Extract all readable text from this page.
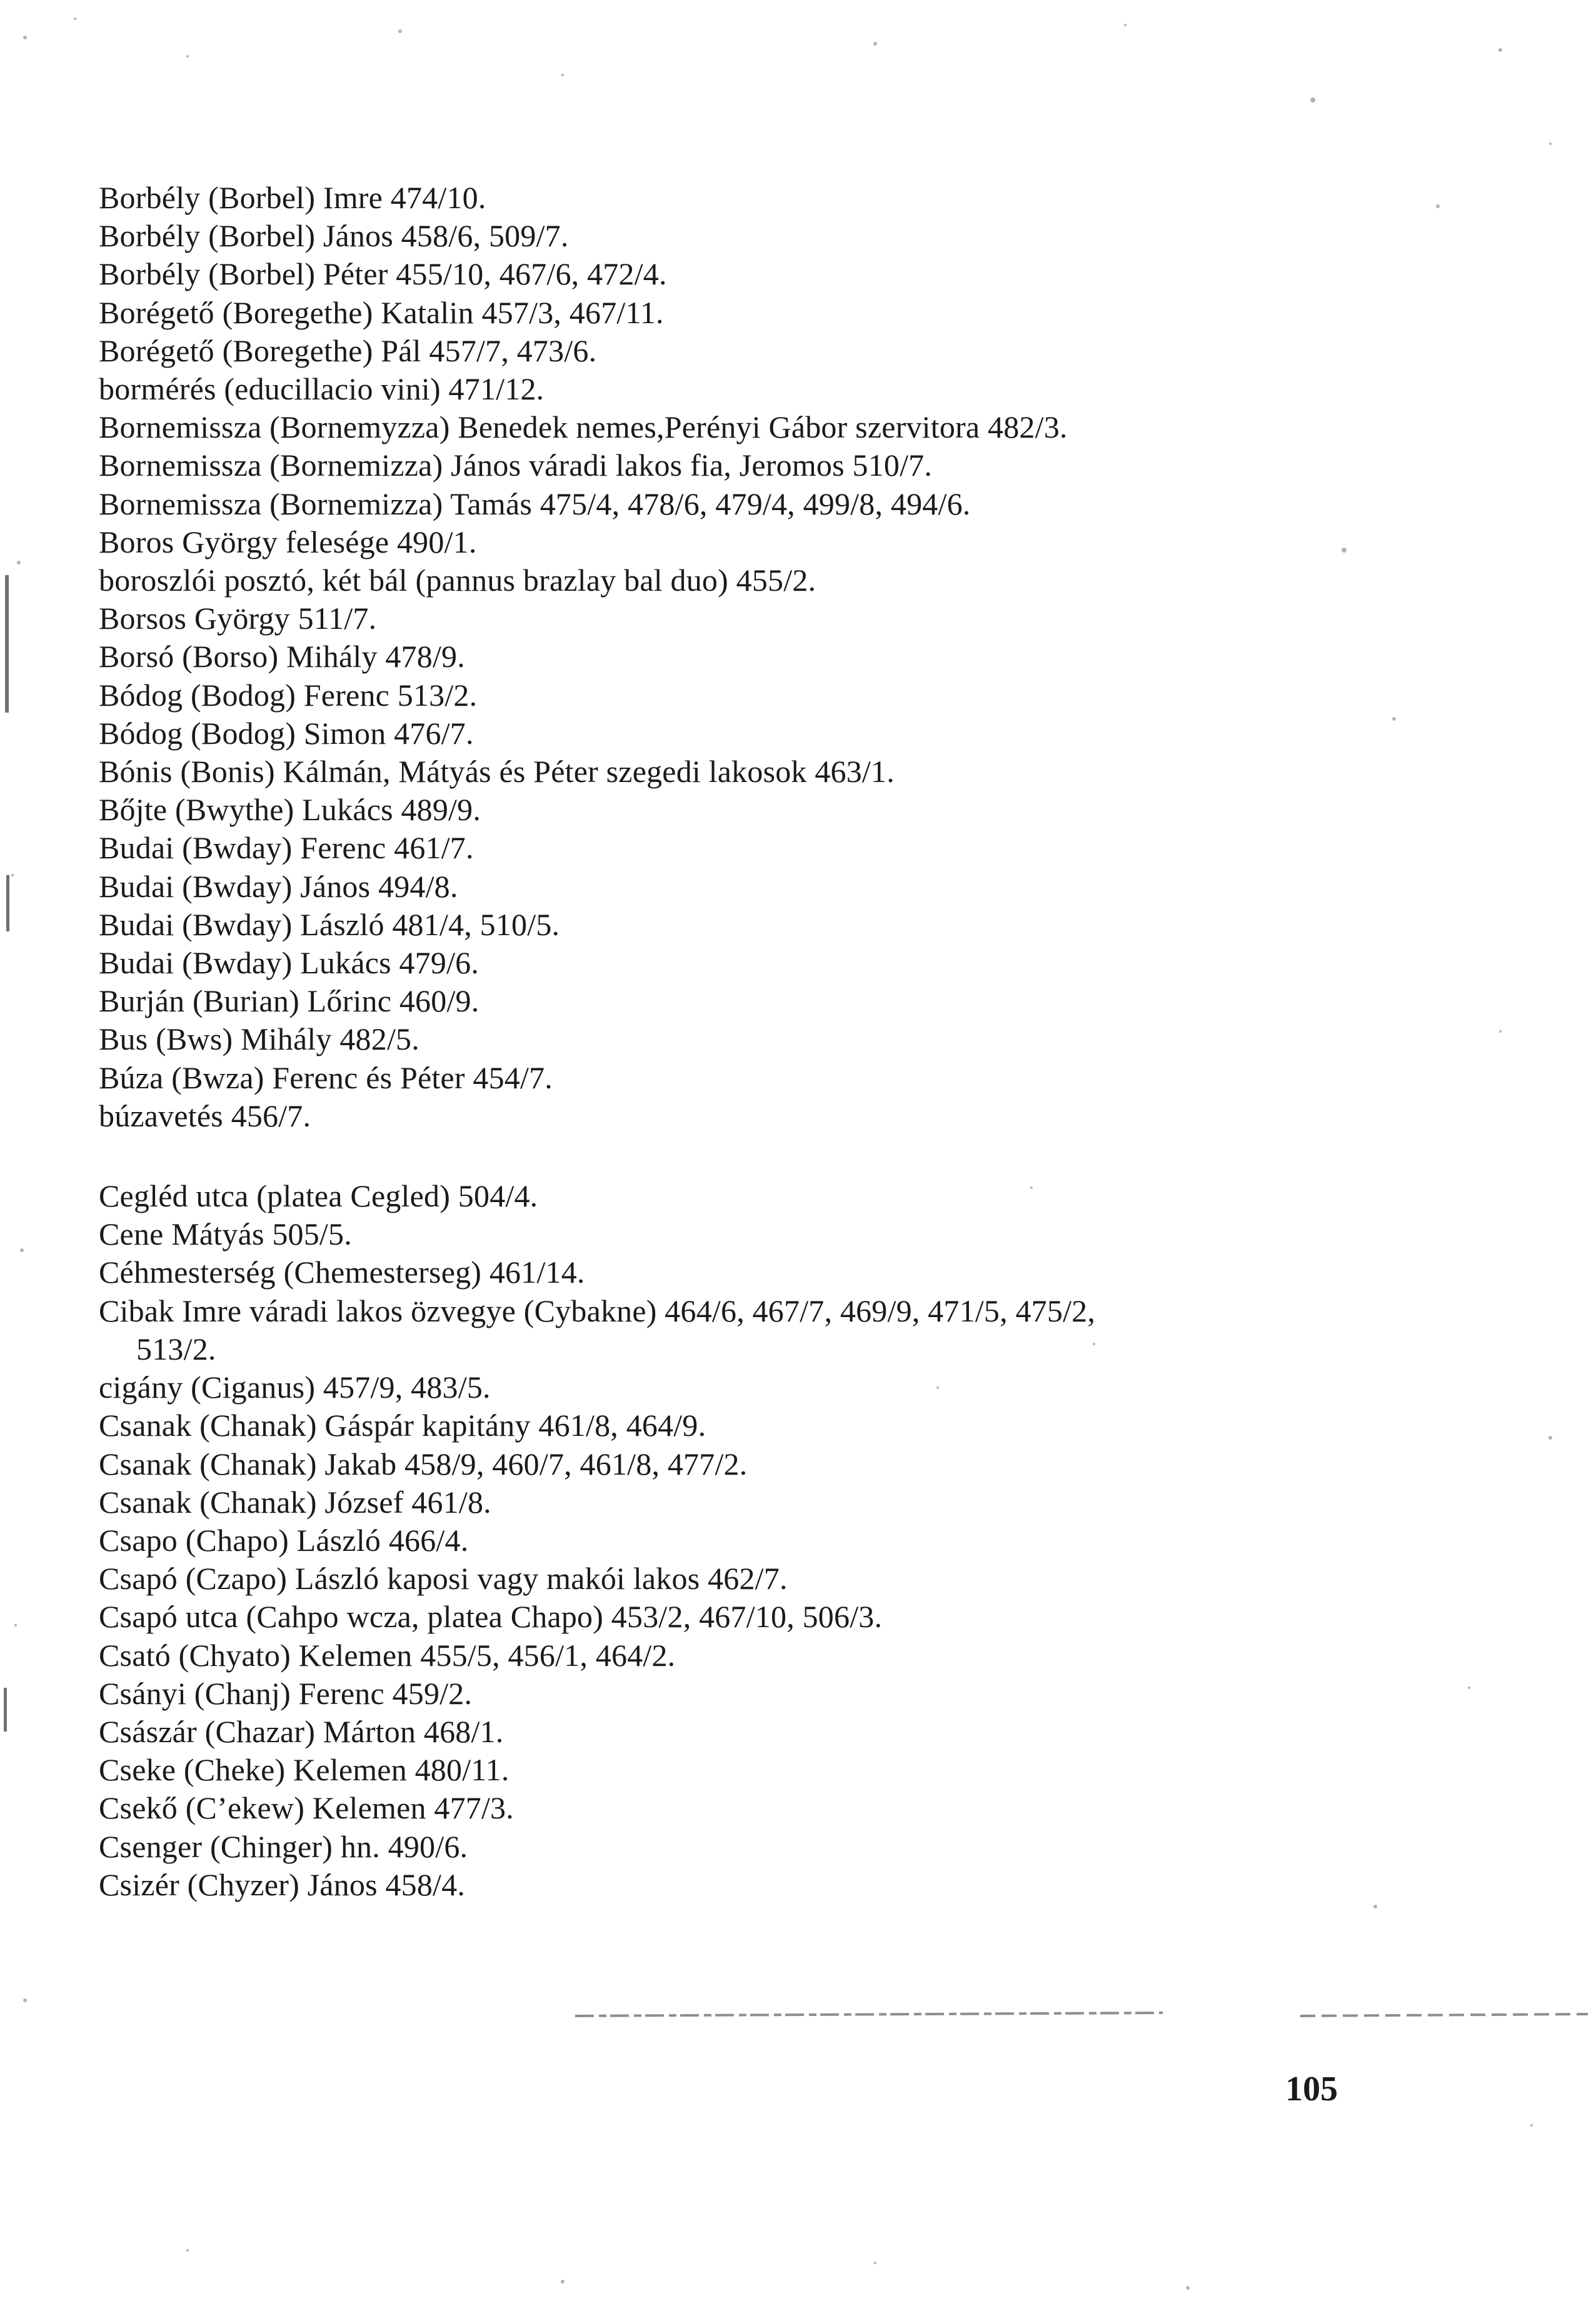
Borbély (Borbel) Imre 474/10.
Borbély (Borbel) János 458/6, 509/7.
Borbély (Borbel) Péter 455/10, 467/6, 472/4.
Borégető (Boregethe) Katalin 457/3, 467/11.
Borégető (Boregethe) Pál 457/7, 473/6.
bormérés (educillacio vini) 471/12.
Bornemissza (Bornemyzza) Benedek nemes,Perényi Gábor szervitora 482/3.
Bornemissza (Bornemizza) János váradi lakos fia, Jeromos 510/7.
Bornemissza (Bornemizza) Tamás 475/4, 478/6, 479/4, 499/8, 494/6.
Boros György felesége 490/1.
boroszlói posztó, két bál (pannus brazlay bal duo) 455/2.
Borsos György 511/7.
Borsó (Borso) Mihály 478/9.
Bódog (Bodog) Ferenc 513/2.
Bódog (Bodog) Simon 476/7.
Bónis (Bonis) Kálmán, Mátyás és Péter szegedi lakosok 463/1.
Bőjte (Bwythe) Lukács 489/9.
Budai (Bwday) Ferenc 461/7.
Budai (Bwday) János 494/8.
Budai (Bwday) László 481/4, 510/5.
Budai (Bwday) Lukács 479/6.
Burján (Burian) Lőrinc 460/9.
Bus (Bws) Mihály 482/5.
Búza (Bwza) Ferenc és Péter 454/7.
búzavetés 456/7.
Cegléd utca (platea Cegled) 504/4.
Cene Mátyás 505/5.
Céhmesterség (Chemesterseg) 461/14.
Cibak Imre váradi lakos özvegye (Cybakne) 464/6, 467/7, 469/9, 471/5, 475/2,
513/2.
cigány (Ciganus) 457/9, 483/5.
Csanak (Chanak) Gáspár kapitány 461/8, 464/9.
Csanak (Chanak) Jakab 458/9, 460/7, 461/8, 477/2.
Csanak (Chanak) József 461/8.
Csapo (Chapo) László 466/4.
Csapó (Czapo) László kaposi vagy makói lakos 462/7.
Csapó utca (Cahpo wcza, platea Chapo) 453/2, 467/10, 506/3.
Csató (Chyato) Kelemen 455/5, 456/1, 464/2.
Csányi (Chanj) Ferenc 459/2.
Császár (Chazar) Márton 468/1.
Cseke (Cheke) Kelemen 480/11.
Csekő (C’ekew) Kelemen 477/3.
Csenger (Chinger) hn. 490/6.
Csizér (Chyzer) János 458/4.
105
